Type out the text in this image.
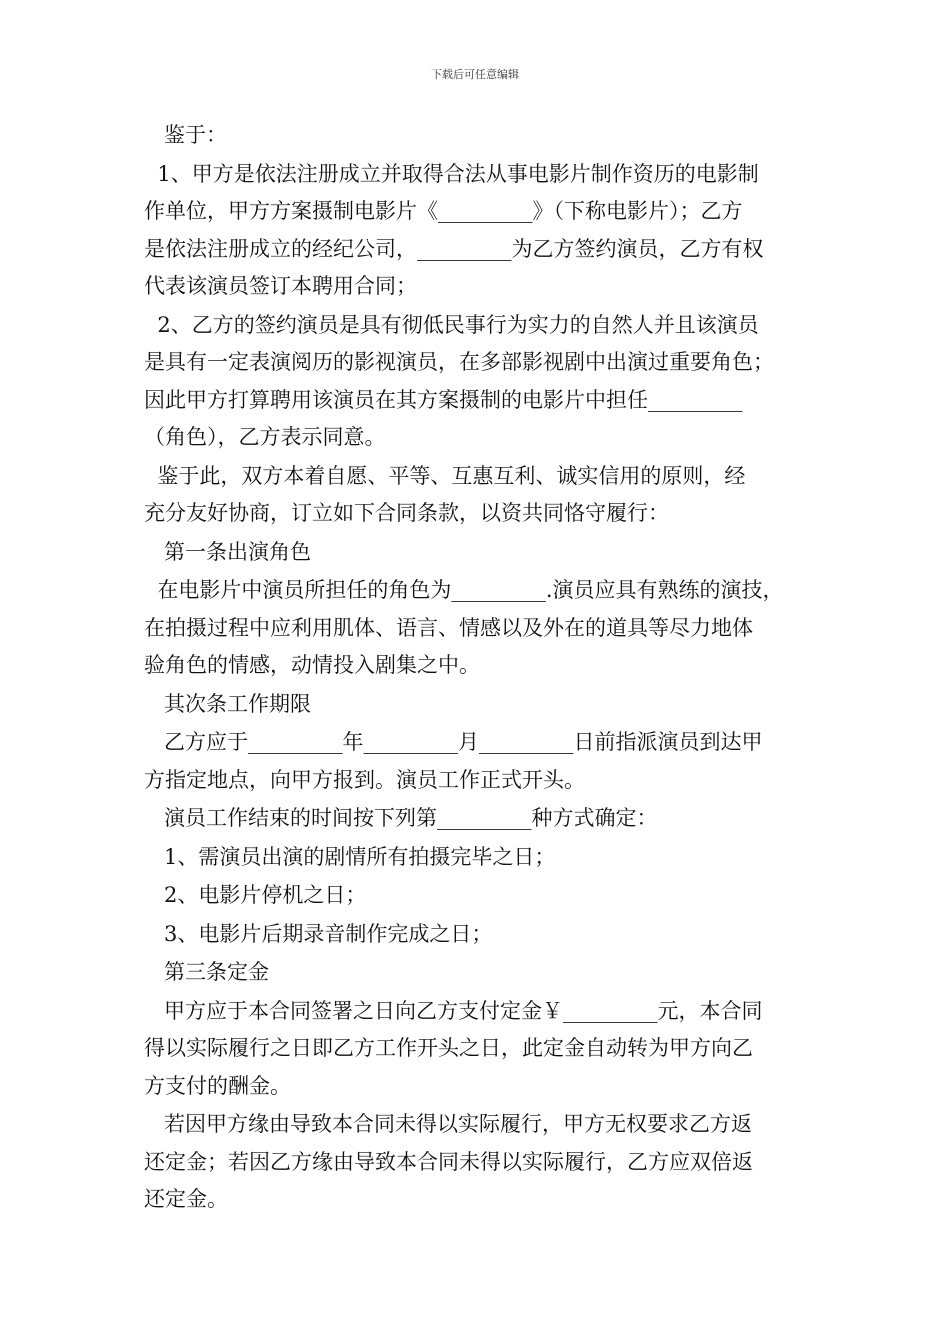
下载后可任意编辑
鉴于：
1、甲方是依法注册成立并取得合法从事电影片制作资历的电影制
作单位，甲方方案摄制电影片《_________》（下称电影片）；乙方
是依法注册成立的经纪公司，_________为乙方签约演员，乙方有权
代表该演员签订本聘用合同；
2、乙方的签约演员是具有彻低民事行为实力的自然人并且该演员
是具有一定表演阅历的影视演员，在多部影视剧中出演过重要角色；
因此甲方打算聘用该演员在其方案摄制的电影片中担任_________
（角色），乙方表示同意。
鉴于此，双方本着自愿、平等、互惠互利、诚实信用的原则，经
充分友好协商，订立如下合同条款，以资共同恪守履行：
第一条出演角色
在电影片中演员所担任的角色为_________.演员应具有熟练的演技，
在拍摄过程中应利用肌体、语言、情感以及外在的道具等尽力地体
验角色的情感，动情投入剧集之中。
其次条工作期限
乙方应于_________年_________月_________日前指派演员到达甲
方指定地点，向甲方报到。演员工作正式开头。
演员工作结束的时间按下列第_________种方式确定：
1、需演员出演的剧情所有拍摄完毕之日；
2、电影片停机之日；
3、电影片后期录音制作完成之日；
第三条定金
甲方应于本合同签署之日向乙方支付定金￥_________元，本合同
得以实际履行之日即乙方工作开头之日，此定金自动转为甲方向乙
方支付的酬金。
若因甲方缘由导致本合同未得以实际履行，甲方无权要求乙方返
还定金；若因乙方缘由导致本合同未得以实际履行，乙方应双倍返
还定金。
